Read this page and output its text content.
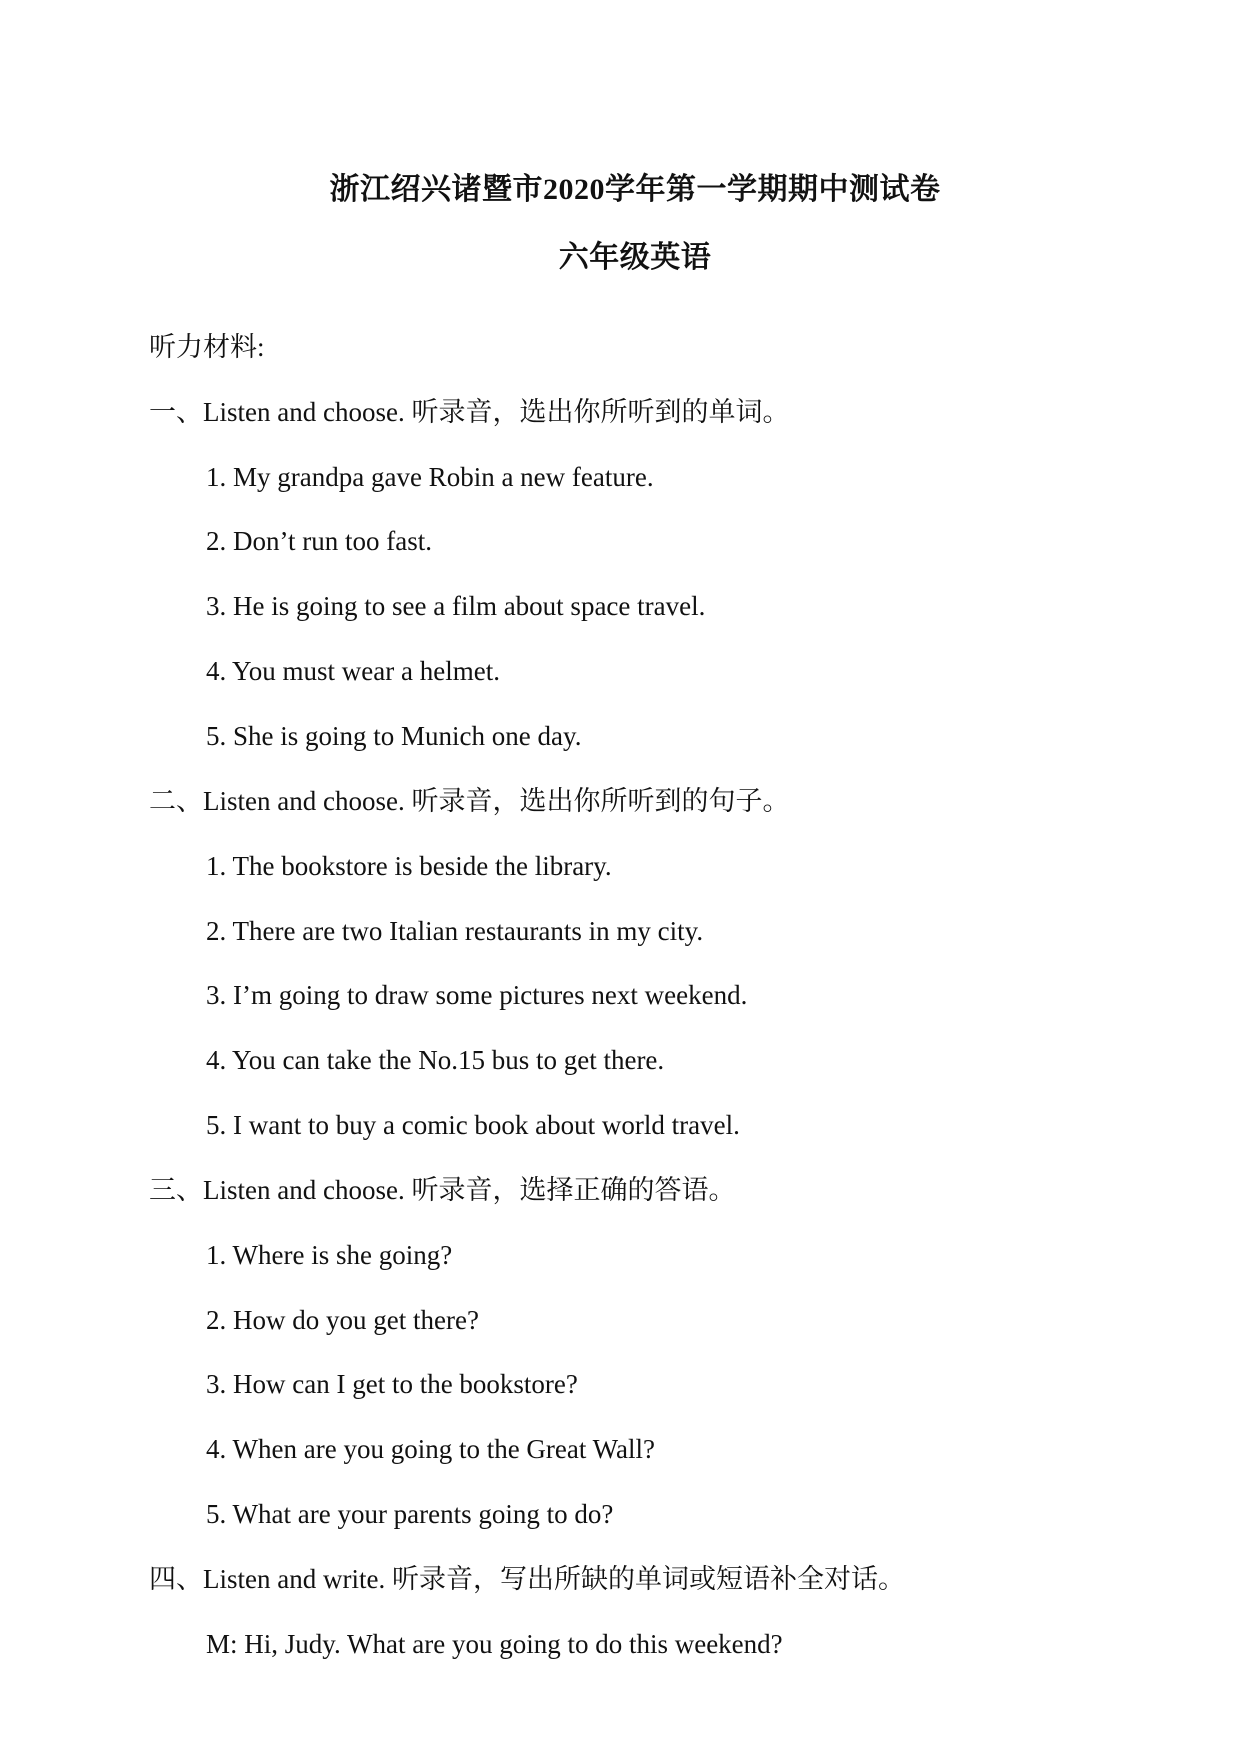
浙江绍兴诸暨市2020学年第一学期期中测试卷
六年级英语
听力材料:
一、Listen and choose. 听录音，选出你所听到的单词。
1. My grandpa gave Robin a new feature.
2. Don’t run too fast.
3. He is going to see a film about space travel.
4. You must wear a helmet.
5. She is going to Munich one day.
二、Listen and choose. 听录音，选出你所听到的句子。
1. The bookstore is beside the library.
2. There are two Italian restaurants in my city.
3. I’m going to draw some pictures next weekend.
4. You can take the No.15 bus to get there.
5. I want to buy a comic book about world travel.
三、Listen and choose. 听录音，选择正确的答语。
1. Where is she going?
2. How do you get there?
3. How can I get to the bookstore?
4. When are you going to the Great Wall?
5. What are your parents going to do?
四、Listen and write. 听录音，写出所缺的单词或短语补全对话。
M: Hi, Judy. What are you going to do this weekend?
